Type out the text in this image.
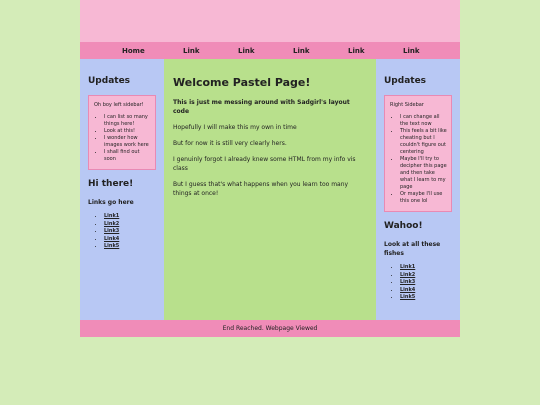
Home	Link	Link	Link	Link	Link
Updates

Oh boy left sidebar!

• I can list so many things here!
• Look at this!
• I wonder how images work here
• I shall find out soon
Hi there!
Links go here
• Link1
• Link2
• Link3
• Link4
• Link5
Welcome Pastel Page!

This is just me messing around with Sadgirl's layout code

Hopefully I will make this my own in time

But for now it is still very clearly hers.

I genuinly forgot I already knew some HTML from my info vis class

But I guess that's what happens when you learn too many things at once!

Updates

Right Sidebar

• I can change all the text now
• This feels a bit like cheating but I couldn't figure out centering
• Maybe I'll try to decipher this page and then take what I learn to my page
• Or maybe I'll use this one lol
Wahoo!
Look at all these fishes
• Link1
• Link2
• Link3
• Link4
• Link5
End Reached. Webpage Viewed
